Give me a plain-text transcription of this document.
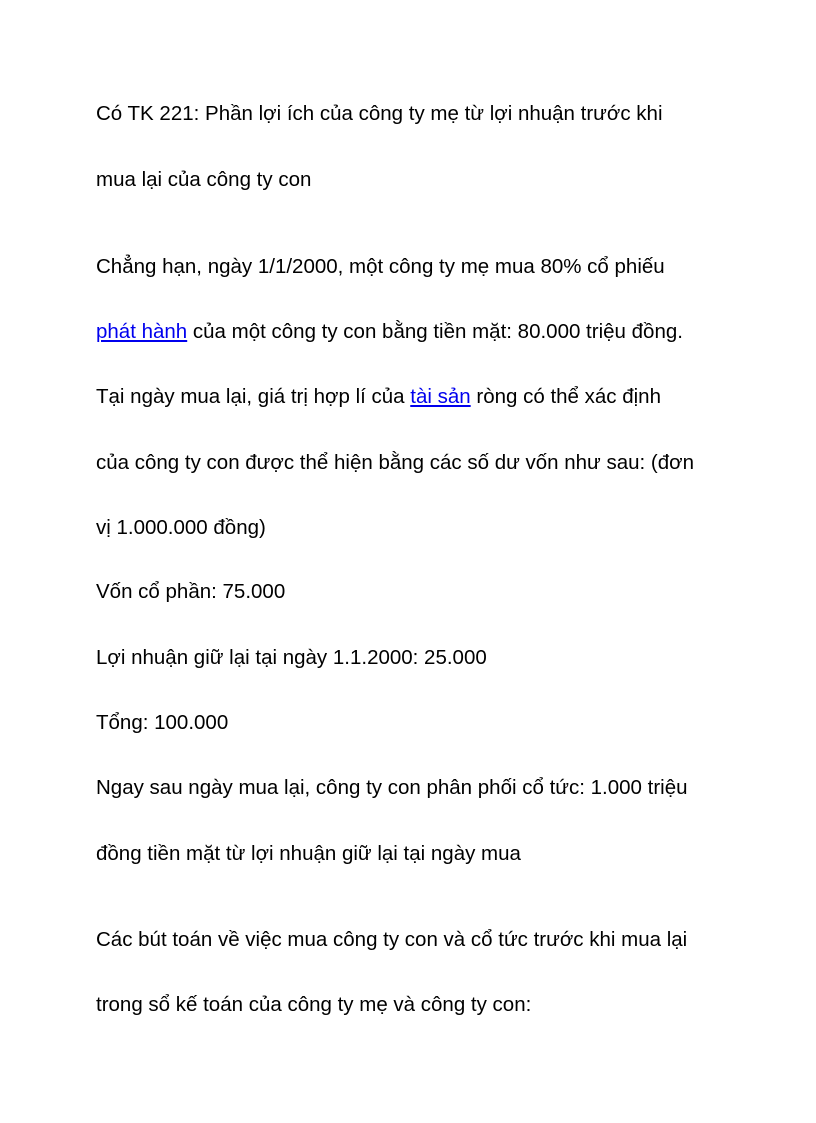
Có TK 221: Phần lợi ích của công ty mẹ từ lợi nhuận trước khi

mua lại của công ty con

Chẳng hạn, ngày 1/1/2000, một công ty mẹ mua 80% cổ phiếu

phát hành của một công ty con bằng tiền mặt: 80.000 triệu đồng.

Tại ngày mua lại, giá trị hợp lí của tài sản ròng có thể xác định

của công ty con được thể hiện bằng các số dư vốn như sau: (đơn

vị 1.000.000 đồng)

Vốn cổ phần: 75.000

Lợi nhuận giữ lại tại ngày 1.1.2000: 25.000

Tổng: 100.000

Ngay sau ngày mua lại, công ty con phân phối cổ tức: 1.000 triệu

đồng tiền mặt từ lợi nhuận giữ lại tại ngày mua

Các bút toán về việc mua công ty con và cổ tức trước khi mua lại

trong sổ kế toán của công ty mẹ và công ty con:
